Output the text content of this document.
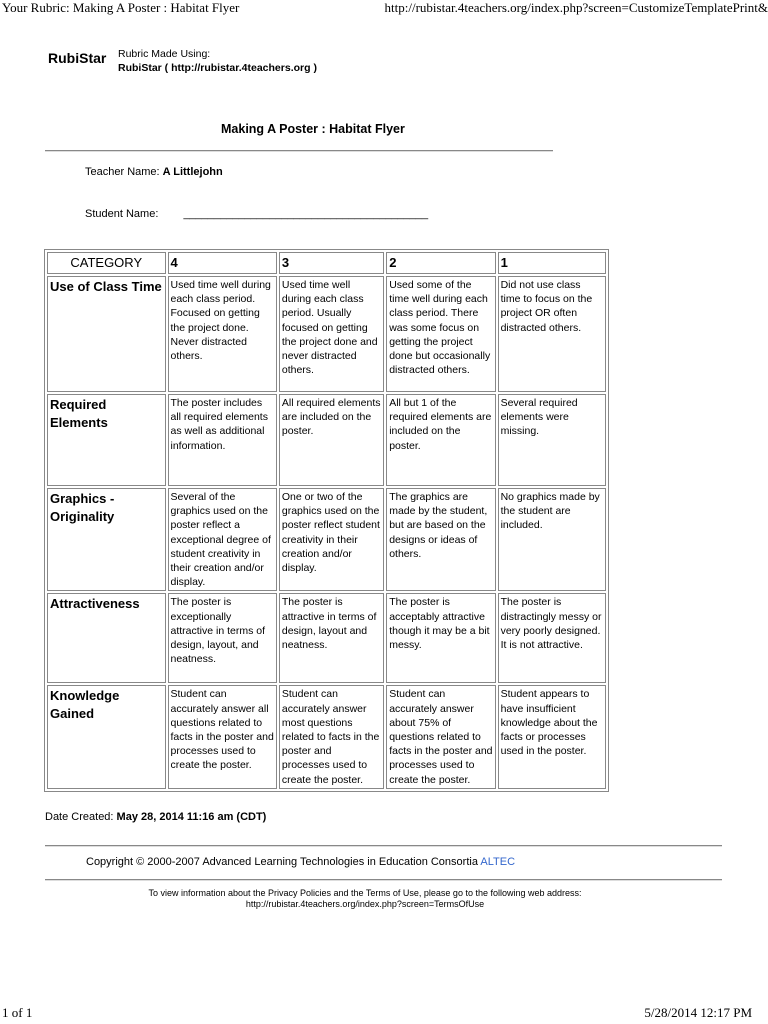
Your Rubric: Making A Poster : Habitat Flyer	http://rubistar.4teachers.org/index.php?screen=CustomizeTemplatePrint&
RubiStar Rubric Made Using:
RubiStar ( http://rubistar.4teachers.org )
Making A Poster : Habitat Flyer
Teacher Name: A Littlejohn
Student Name: ________________________________________
CATEGORY	4	3	2	1
Use of Class Time	Used time well during each class period. Focused on getting the project done. Never distracted others.	Used time well during each class period. Usually focused on getting the project done and never distracted others.	Used some of the time well during each class period. There was some focus on getting the project done but occasionally distracted others.	Did not use class time to focus on the project OR often distracted others.
Required Elements	The poster includes all required elements as well as additional information.	All required elements are included on the poster.	All but 1 of the required elements are included on the poster.	Several required elements were missing.
Graphics - Originality	Several of the graphics used on the poster reflect a exceptional degree of student creativity in their creation and/or display.	One or two of the graphics used on the poster reflect student creativity in their creation and/or display.	The graphics are made by the student, but are based on the designs or ideas of others.	No graphics made by the student are included.
Attractiveness	The poster is exceptionally attractive in terms of design, layout, and neatness.	The poster is attractive in terms of design, layout and neatness.	The poster is acceptably attractive though it may be a bit messy.	The poster is distractingly messy or very poorly designed. It is not attractive.
Knowledge Gained	Student can accurately answer all questions related to facts in the poster and processes used to create the poster.	Student can accurately answer most questions related to facts in the poster and processes used to create the poster.	Student can accurately answer about 75% of questions related to facts in the poster and processes used to create the poster.	Student appears to have insufficient knowledge about the facts or processes used in the poster.
Date Created: May 28, 2014 11:16 am (CDT)
Copyright © 2000-2007 Advanced Learning Technologies in Education Consortia ALTEC
To view information about the Privacy Policies and the Terms of Use, please go to the following web address:
http://rubistar.4teachers.org/index.php?screen=TermsOfUse
1 of 1	5/28/2014 12:17 PM
